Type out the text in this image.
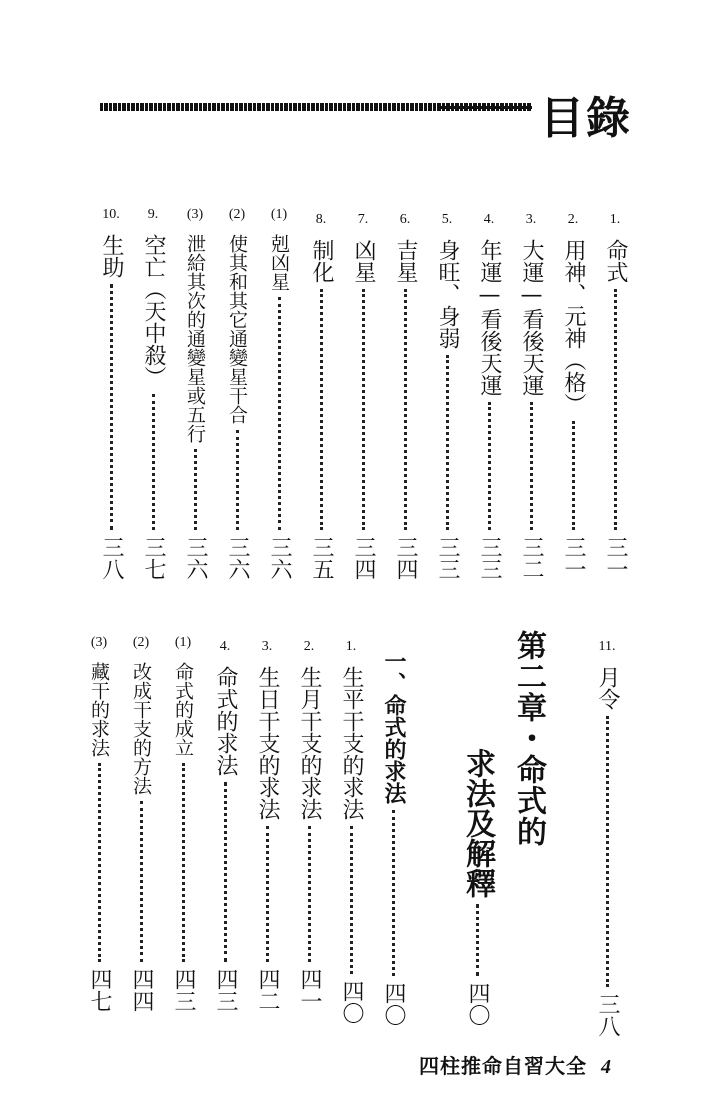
目錄
1.
命式
三一
2.
用神、元神（格）
三一
3.
大運—看後天運
三二
4.
年運—看後天運
三三
5.
身旺、身弱
三三
6.
吉星
三四
7.
凶星
三四
8.
制化
三五
(1)
剋凶星
三六
(2)
使其和其它通變星干合
三六
(3)
泄給其次的通變星或五行
三六
9.
空亡（天中殺）
三七
10.
生助
三八
11.
月令
三八
第二章・命式的
求法及解釋
四〇
一、命式的求法
四〇
1.
生平干支的求法
四〇
2.
生月干支的求法
四一
3.
生日干支的求法
四二
4.
命式的求法
四三
(1)
命式的成立
四三
(2)
改成干支的方法
四四
(3)
藏干的求法
四七
四柱推命自習大全 4
